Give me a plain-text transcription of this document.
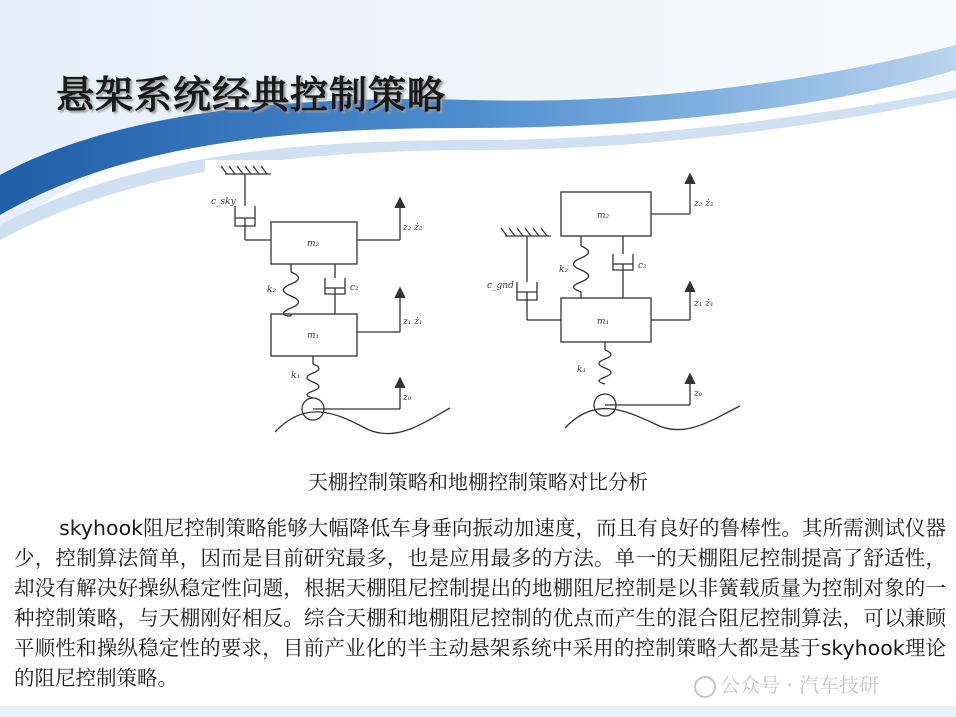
悬架系统经典控制策略
c_sky
m₂
k₂	c₂
m₁
k₁
z₂ ż₂
z₁ ż₁
z₀
c_gnd
m₂
k₂	c₂
m₁
k₁
z₂ ż₂
z₁ ż₁
z₀
天棚控制策略和地棚控制策略对比分析
skyhook阻尼控制策略能够大幅降低车身垂向振动加速度，而且有良好的鲁棒性。其所需测试仪器少，控制算法简单，因而是目前研究最多，也是应用最多的方法。单一的天棚阻尼控制提高了舒适性，却没有解决好操纵稳定性问题，根据天棚阻尼控制提出的地棚阻尼控制是以非簧载质量为控制对象的一种控制策略，与天棚刚好相反。综合天棚和地棚阻尼控制的优点而产生的混合阻尼控制算法，可以兼顾平顺性和操纵稳定性的要求，目前产业化的半主动悬架系统中采用的控制策略大都是基于skyhook理论的阻尼控制策略。	公众号 · 汽车技研
